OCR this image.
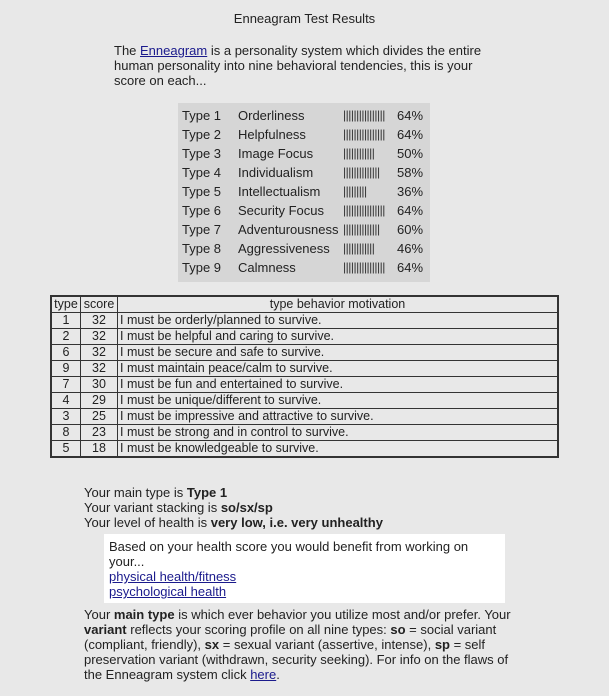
Enneagram Test Results
The Enneagram is a personality system which divides the entire human personality into nine behavioral tendencies, this is your score on each...
Type 1 Orderliness	|||||||||||||||| 64%
Type 2 Helpfulness	|||||||||||||||| 64%
Type 3 Image Focus |||||||||||| 50%
Type 4 Individualism |||||||||||||| 58%
Type 5 Intellectualism ||||||||| 36%
Type 6 Security Focus |||||||||||||||| 64%
Type 7 Adventurousness |||||||||||||| 60%
Type 8 Aggressiveness |||||||||||| 46%
Type 9 Calmness	|||||||||||||||| 64%
type	score	type behavior motivation
1	32	I must be orderly/planned to survive.
2	32	I must be helpful and caring to survive.
6	32	I must be secure and safe to survive.
9	32	I must maintain peace/calm to survive.
7	30	I must be fun and entertained to survive.
4	29	I must be unique/different to survive.
3	25	I must be impressive and attractive to survive.
8	23	I must be strong and in control to survive.
5	18	I must be knowledgeable to survive.
Your main type is Type 1
Your variant stacking is so/sx/sp
Your level of health is very low, i.e. very unhealthy
Based on your health score you would benefit from working on your...
physical health/fitness
psychological health
Your main type is which ever behavior you utilize most and/or prefer. Your variant reflects your scoring profile on all nine types: so = social variant (compliant, friendly), sx = sexual variant (assertive, intense), sp = self preservation variant (withdrawn, security seeking). For info on the flaws of the Enneagram system click here.
